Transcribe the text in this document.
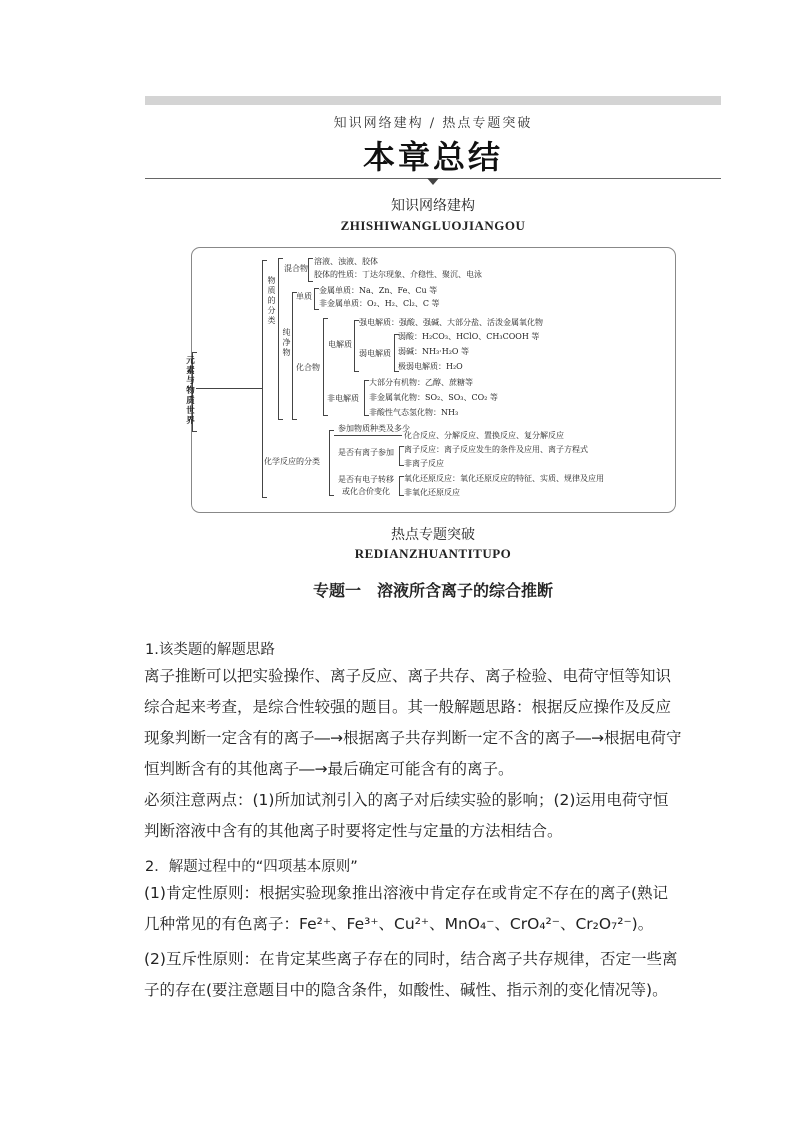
知识网络建构 / 热点专题突破
本章总结
知识网络建构
ZHISHIWANGLUOJIANGOU
元素与物质世界
物质的分类
混合物
溶液、浊液、胶体
胶体的性质：丁达尔现象、介稳性、聚沉、电泳
纯净物
单质
金属单质：Na、Zn、Fe、Cu 等
非金属单质：O₂、H₂、Cl₂、C 等
化合物
电解质
强电解质：强酸、强碱、大部分盐、活泼金属氧化物
弱电解质
弱酸：H₂CO₃、HClO、CH₃COOH 等
弱碱：NH₃·H₂O 等
极弱电解质：H₂O
非电解质
大部分有机物：乙醇、蔗糖等
非金属氧化物：SO₂、SO₃、CO₂ 等
非酸性气态氢化物：NH₃
化学反应的分类
参加物质种类及多少
化合反应、分解反应、置换反应、复分解反应
是否有离子参加 离子反应：离子反应发生的条件及应用、离子方程式
非离子反应
是否有电子转移
或化合价变化
氧化还原反应：氧化还原反应的特征、实质、规律及应用
非氧化还原反应
热点专题突破
REDIANZHUANTITUPO
专题一　溶液所含离子的综合推断
1.该类题的解题思路
离子推断可以把实验操作、离子反应、离子共存、离子检验、电荷守恒等知识综合起来考查，是综合性较强的题目。其一般解题思路：根据反应操作及反应现象判断一定含有的离子―→根据离子共存判断一定不含的离子―→根据电荷守恒判断含有的其他离子―→最后确定可能含有的离子。
必须注意两点：(1)所加试剂引入的离子对后续实验的影响；(2)运用电荷守恒判断溶液中含有的其他离子时要将定性与定量的方法相结合。
2．解题过程中的“四项基本原则”
(1)肯定性原则：根据实验现象推出溶液中肯定存在或肯定不存在的离子(熟记几种常见的有色离子：Fe²⁺、Fe³⁺、Cu²⁺、MnO₄⁻、CrO₄²⁻、Cr₂O₇²⁻)。
(2)互斥性原则：在肯定某些离子存在的同时，结合离子共存规律，否定一些离子的存在(要注意题目中的隐含条件，如酸性、碱性、指示剂的变化情况等)。
